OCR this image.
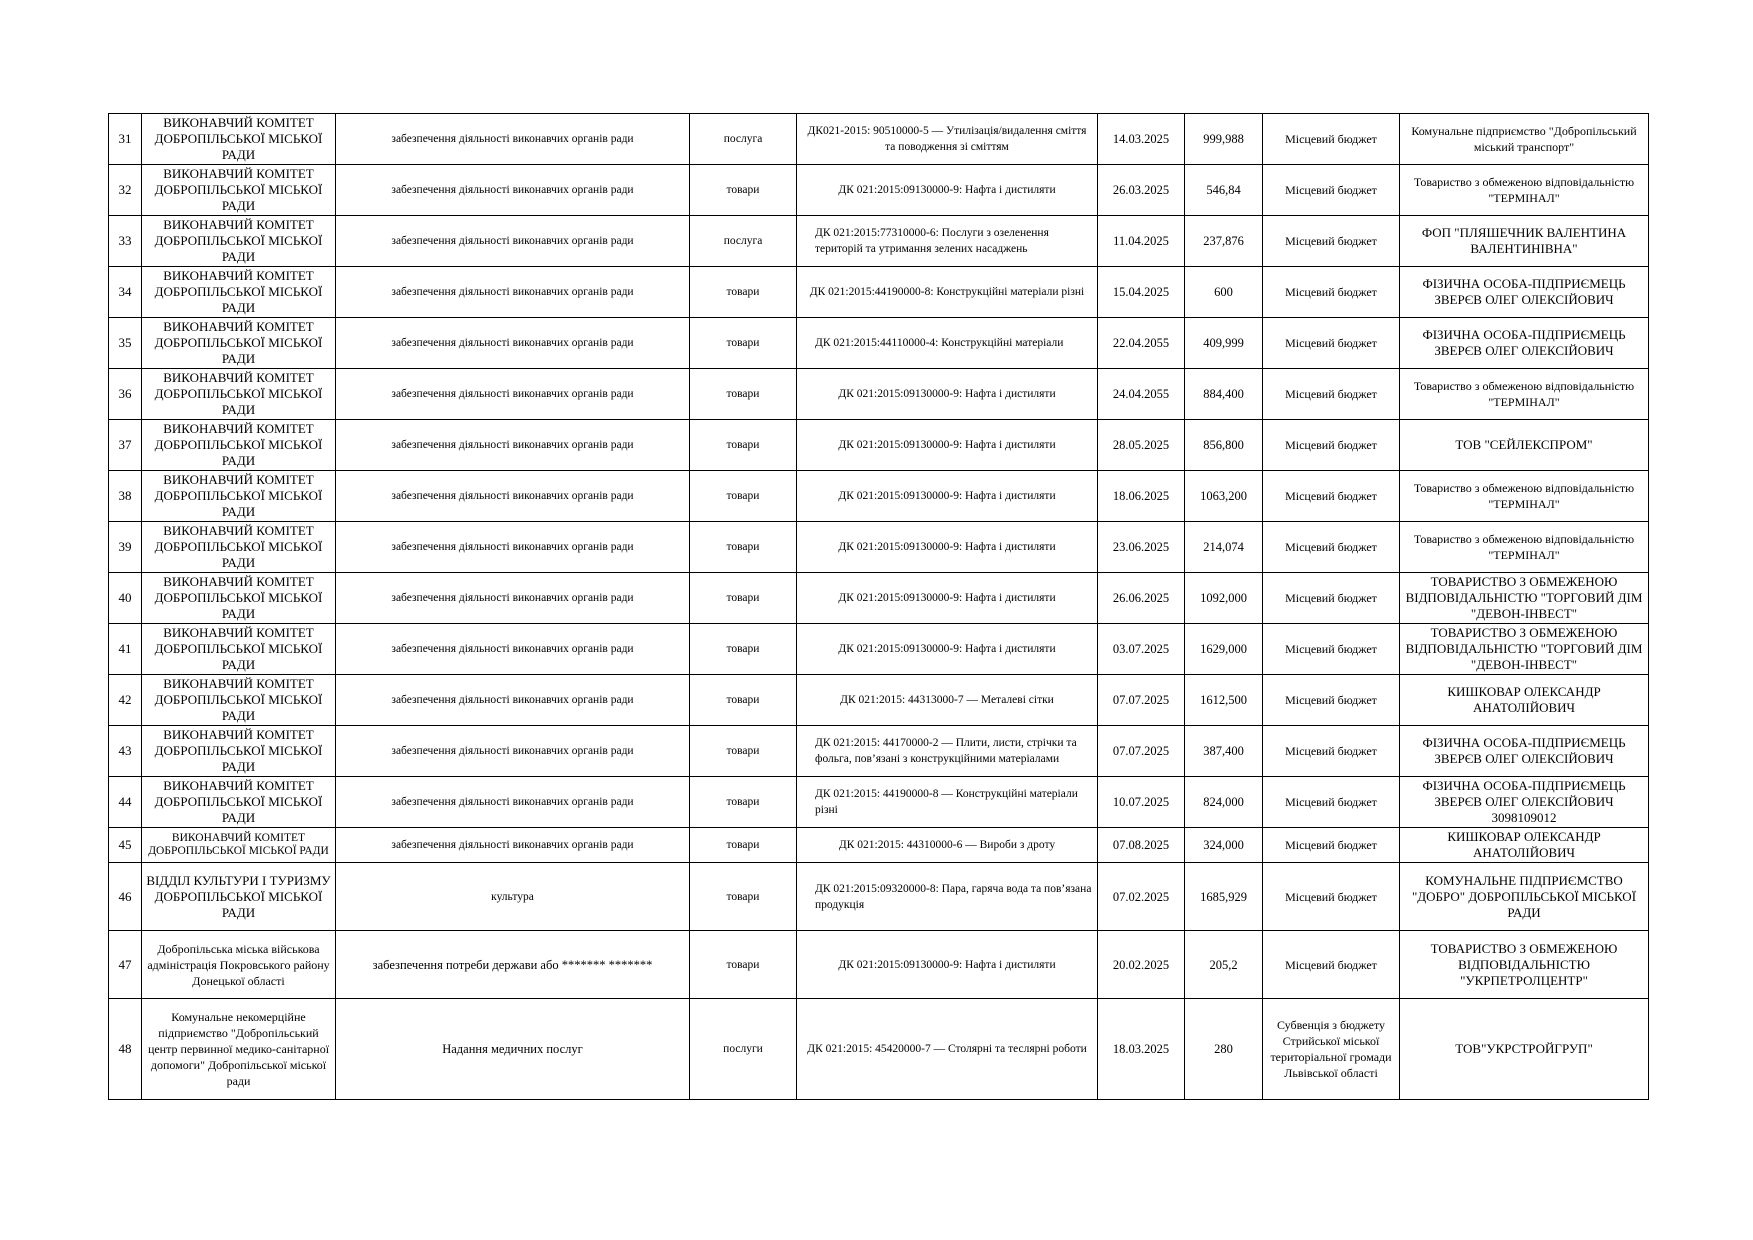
31	ВИКОНАВЧИЙ КОМІТЕТ ДОБРОПІЛЬСЬКОЇ МІСЬКОЇ РАДИ	забезпечення діяльності виконавчих органів ради	послуга	ДК021-2015: 90510000-5 — Утилізація/видалення сміття та поводження зі сміттям	14.03.2025	999,988	Місцевий бюджет	Комунальне підприємство "Добропільський міський транспорт"
32	ВИКОНАВЧИЙ КОМІТЕТ ДОБРОПІЛЬСЬКОЇ МІСЬКОЇ РАДИ	забезпечення діяльності виконавчих органів ради	товари	ДК 021:2015:09130000-9: Нафта і дистиляти	26.03.2025	546,84	Місцевий бюджет	Товариство з обмеженою відповідальністю "ТЕРМІНАЛ"
33	ВИКОНАВЧИЙ КОМІТЕТ ДОБРОПІЛЬСЬКОЇ МІСЬКОЇ РАДИ	забезпечення діяльності виконавчих органів ради	послуга	ДК 021:2015:77310000-6: Послуги з озеленення територій та утримання зелених насаджень	11.04.2025	237,876	Місцевий бюджет	ФОП "ПЛЯШЕЧНИК ВАЛЕНТИНА ВАЛЕНТИНІВНА"
34	ВИКОНАВЧИЙ КОМІТЕТ ДОБРОПІЛЬСЬКОЇ МІСЬКОЇ РАДИ	забезпечення діяльності виконавчих органів ради	товари	ДК 021:2015:44190000-8: Конструкційні матеріали різні	15.04.2025	600	Місцевий бюджет	ФІЗИЧНА ОСОБА-ПІДПРИЄМЕЦЬ ЗВЕРЄВ ОЛЕГ ОЛЕКСІЙОВИЧ
35	ВИКОНАВЧИЙ КОМІТЕТ ДОБРОПІЛЬСЬКОЇ МІСЬКОЇ РАДИ	забезпечення діяльності виконавчих органів ради	товари	ДК 021:2015:44110000-4: Конструкційні матеріали	22.04.2055	409,999	Місцевий бюджет	ФІЗИЧНА ОСОБА-ПІДПРИЄМЕЦЬ ЗВЕРЄВ ОЛЕГ ОЛЕКСІЙОВИЧ
36	ВИКОНАВЧИЙ КОМІТЕТ ДОБРОПІЛЬСЬКОЇ МІСЬКОЇ РАДИ	забезпечення діяльності виконавчих органів ради	товари	ДК 021:2015:09130000-9: Нафта і дистиляти	24.04.2055	884,400	Місцевий бюджет	Товариство з обмеженою відповідальністю "ТЕРМІНАЛ"
37	ВИКОНАВЧИЙ КОМІТЕТ ДОБРОПІЛЬСЬКОЇ МІСЬКОЇ РАДИ	забезпечення діяльності виконавчих органів ради	товари	ДК 021:2015:09130000-9: Нафта і дистиляти	28.05.2025	856,800	Місцевий бюджет	ТОВ "СЕЙЛЕКСПРОМ"
38	ВИКОНАВЧИЙ КОМІТЕТ ДОБРОПІЛЬСЬКОЇ МІСЬКОЇ РАДИ	забезпечення діяльності виконавчих органів ради	товари	ДК 021:2015:09130000-9: Нафта і дистиляти	18.06.2025	1063,200	Місцевий бюджет	Товариство з обмеженою відповідальністю "ТЕРМІНАЛ"
39	ВИКОНАВЧИЙ КОМІТЕТ ДОБРОПІЛЬСЬКОЇ МІСЬКОЇ РАДИ	забезпечення діяльності виконавчих органів ради	товари	ДК 021:2015:09130000-9: Нафта і дистиляти	23.06.2025	214,074	Місцевий бюджет	Товариство з обмеженою відповідальністю "ТЕРМІНАЛ"
40	ВИКОНАВЧИЙ КОМІТЕТ ДОБРОПІЛЬСЬКОЇ МІСЬКОЇ РАДИ	забезпечення діяльності виконавчих органів ради	товари	ДК 021:2015:09130000-9: Нафта і дистиляти	26.06.2025	1092,000	Місцевий бюджет	ТОВАРИСТВО З ОБМЕЖЕНОЮ ВІДПОВІДАЛЬНІСТЮ "ТОРГОВИЙ ДІМ "ДЕВОН-ІНВЕСТ"
41	ВИКОНАВЧИЙ КОМІТЕТ ДОБРОПІЛЬСЬКОЇ МІСЬКОЇ РАДИ	забезпечення діяльності виконавчих органів ради	товари	ДК 021:2015:09130000-9: Нафта і дистиляти	03.07.2025	1629,000	Місцевий бюджет	ТОВАРИСТВО З ОБМЕЖЕНОЮ ВІДПОВІДАЛЬНІСТЮ "ТОРГОВИЙ ДІМ "ДЕВОН-ІНВЕСТ"
42	ВИКОНАВЧИЙ КОМІТЕТ ДОБРОПІЛЬСЬКОЇ МІСЬКОЇ РАДИ	забезпечення діяльності виконавчих органів ради	товари	ДК 021:2015: 44313000-7 — Металеві сітки	07.07.2025	1612,500	Місцевий бюджет	КИШКОВАР ОЛЕКСАНДР АНАТОЛІЙОВИЧ
43	ВИКОНАВЧИЙ КОМІТЕТ ДОБРОПІЛЬСЬКОЇ МІСЬКОЇ РАДИ	забезпечення діяльності виконавчих органів ради	товари	ДК 021:2015: 44170000-2 — Плити, листи, стрічки та фольга, пов’язані з конструкційними матеріалами	07.07.2025	387,400	Місцевий бюджет	ФІЗИЧНА ОСОБА-ПІДПРИЄМЕЦЬ ЗВЕРЄВ ОЛЕГ ОЛЕКСІЙОВИЧ
44	ВИКОНАВЧИЙ КОМІТЕТ ДОБРОПІЛЬСЬКОЇ МІСЬКОЇ РАДИ	забезпечення діяльності виконавчих органів ради	товари	ДК 021:2015: 44190000-8 — Конструкційні матеріали різні	10.07.2025	824,000	Місцевий бюджет	ФІЗИЧНА ОСОБА-ПІДПРИЄМЕЦЬ ЗВЕРЄВ ОЛЕГ ОЛЕКСІЙОВИЧ 3098109012
45	ВИКОНАВЧИЙ КОМІТЕТ ДОБРОПІЛЬСЬКОЇ МІСЬКОЇ РАДИ	забезпечення діяльності виконавчих органів ради	товари	ДК 021:2015: 44310000-6 — Вироби з дроту	07.08.2025	324,000	Місцевий бюджет	КИШКОВАР ОЛЕКСАНДР АНАТОЛІЙОВИЧ
46	ВІДДІЛ КУЛЬТУРИ І ТУРИЗМУ ДОБРОПІЛЬСЬКОЇ МІСЬКОЇ РАДИ	культура	товари	ДК 021:2015:09320000-8: Пара, гаряча вода та пов’язана продукція	07.02.2025	1685,929	Місцевий бюджет	КОМУНАЛЬНЕ ПІДПРИЄМСТВО "ДОБРО" ДОБРОПІЛЬСЬКОЇ МІСЬКОЇ РАДИ
47	Добропільська міська військова адміністрація Покровського району Донецької області	забезпечення потреби держави або ******* *******	товари	ДК 021:2015:09130000-9: Нафта і дистиляти	20.02.2025	205,2	Місцевий бюджет	ТОВАРИСТВО З ОБМЕЖЕНОЮ ВІДПОВІДАЛЬНІСТЮ "УКРПЕТРОЛЦЕНТР"
48	Комунальне некомерційне підприємство "Добропільський центр первинної медико-санітарної допомоги" Добропільської міської ради	Надання медичних послуг	послуги	ДК 021:2015: 45420000-7 — Столярні та теслярні роботи	18.03.2025	280	Субвенція з бюджету Стрийської міської територіальної громади Львівської області	ТОВ"УКРСТРОЙГРУП"
